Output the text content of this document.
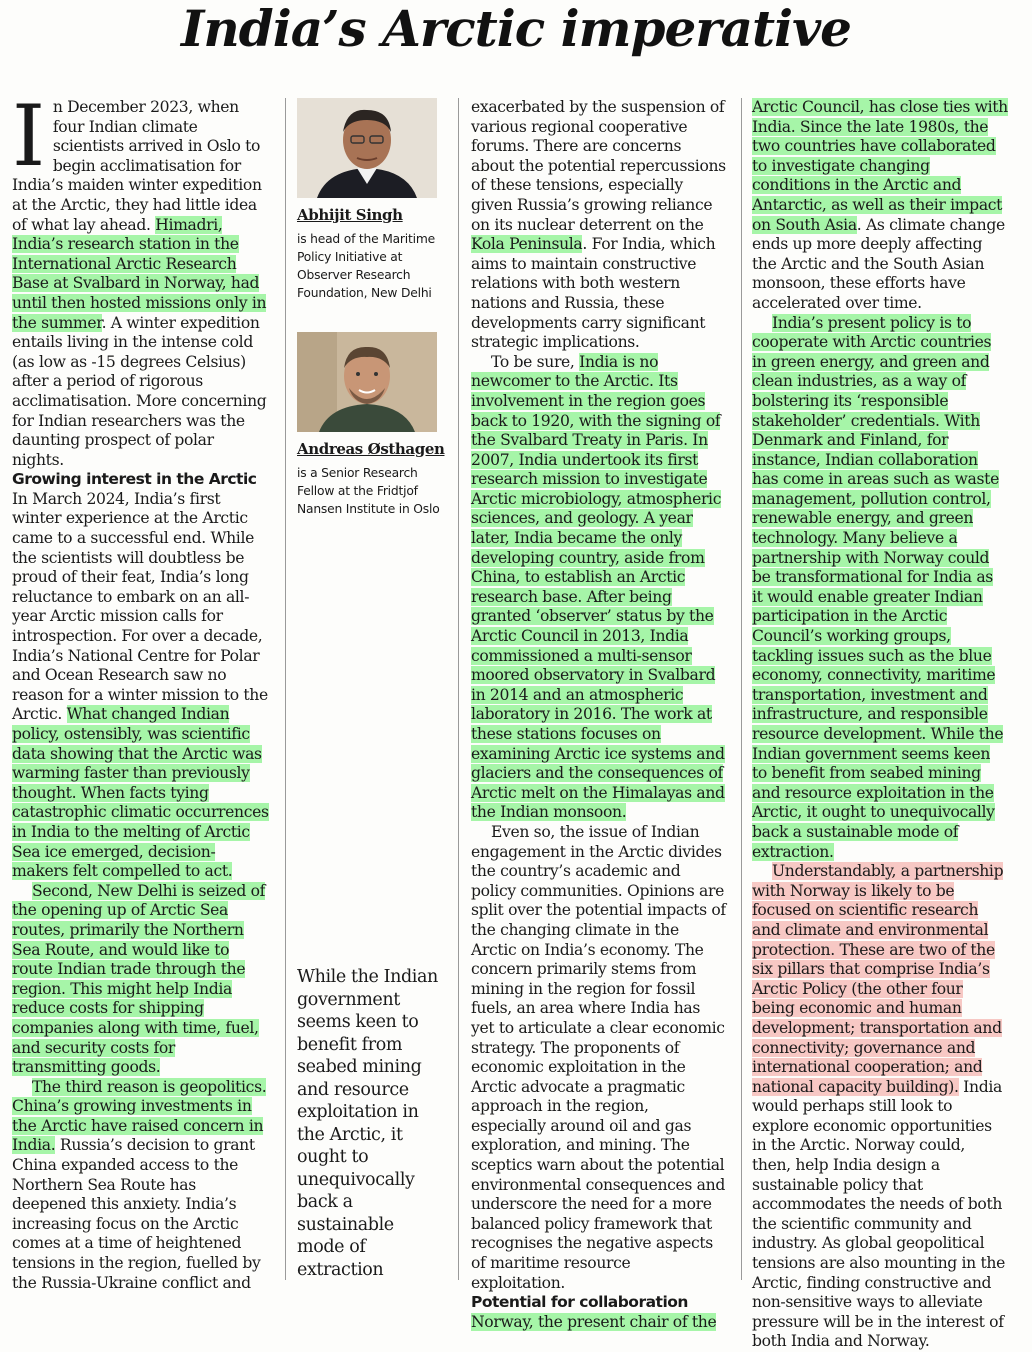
India’s Arctic imperative

In December 2023, when four Indian climate scientists arrived in Oslo to begin acclimatisation for India’s maiden winter expedition at the Arctic, they had little idea of what lay ahead. Himadri, India’s research station in the International Arctic Research Base at Svalbard in Norway, had until then hosted missions only in the summer. A winter expedition entails living in the intense cold (as low as -15 degrees Celsius) after a period of rigorous acclimatisation. More concerning for Indian researchers was the daunting prospect of polar nights.

Growing interest in the Arctic

In March 2024, India’s first winter experience at the Arctic came to a successful end. While the scientists will doubtless be proud of their feat, India’s long reluctance to embark on an all-year Arctic mission calls for introspection. For over a decade, India’s National Centre for Polar and Ocean Research saw no reason for a winter mission to the Arctic. What changed Indian policy, ostensibly, was scientific data showing that the Arctic was warming faster than previously thought. When facts tying catastrophic climatic occurrences in India to the melting of Arctic Sea ice emerged, decision-makers felt compelled to act.

Second, New Delhi is seized of the opening up of Arctic Sea routes, primarily the Northern Sea Route, and would like to route Indian trade through the region. This might help India reduce costs for shipping companies along with time, fuel, and security costs for transmitting goods.

The third reason is geopolitics. China’s growing investments in the Arctic have raised concern in India. Russia’s decision to grant China expanded access to the Northern Sea Route has deepened this anxiety. India’s increasing focus on the Arctic comes at a time of heightened tensions in the region, fuelled by the Russia-Ukraine conflict and

Abhijit Singh

is head of the Maritime Policy Initiative at Observer Research Foundation, New Delhi

Andreas Østhagen

is a Senior Research Fellow at the Fridtjof Nansen Institute in Oslo

While the Indian government seems keen to benefit from seabed mining and resource exploitation in the Arctic, it ought to unequivocally back a sustainable mode of extraction

exacerbated by the suspension of various regional cooperative forums. There are concerns about the potential repercussions of these tensions, especially given Russia’s growing reliance on its nuclear deterrent on the Kola Peninsula. For India, which aims to maintain constructive relations with both western nations and Russia, these developments carry significant strategic implications.

To be sure, India is no newcomer to the Arctic. Its involvement in the region goes back to 1920, with the signing of the Svalbard Treaty in Paris. In 2007, India undertook its first research mission to investigate Arctic microbiology, atmospheric sciences, and geology. A year later, India became the only developing country, aside from China, to establish an Arctic research base. After being granted ‘observer’ status by the Arctic Council in 2013, India commissioned a multi-sensor moored observatory in Svalbard in 2014 and an atmospheric laboratory in 2016. The work at these stations focuses on examining Arctic ice systems and glaciers and the consequences of Arctic melt on the Himalayas and the Indian monsoon.

Even so, the issue of Indian engagement in the Arctic divides the country’s academic and policy communities. Opinions are split over the potential impacts of the changing climate in the Arctic on India’s economy. The concern primarily stems from mining in the region for fossil fuels, an area where India has yet to articulate a clear economic strategy. The proponents of economic exploitation in the Arctic advocate a pragmatic approach in the region, especially around oil and gas exploration, and mining. The sceptics warn about the potential environmental consequences and underscore the need for a more balanced policy framework that recognises the negative aspects of maritime resource exploitation.

Potential for collaboration

Norway, the present chair of the

Arctic Council, has close ties with India. Since the late 1980s, the two countries have collaborated to investigate changing conditions in the Arctic and Antarctic, as well as their impact on South Asia. As climate change ends up more deeply affecting the Arctic and the South Asian monsoon, these efforts have accelerated over time.

India’s present policy is to cooperate with Arctic countries in green energy, and green and clean industries, as a way of bolstering its ‘responsible stakeholder’ credentials. With Denmark and Finland, for instance, Indian collaboration has come in areas such as waste management, pollution control, renewable energy, and green technology. Many believe a partnership with Norway could be transformational for India as it would enable greater Indian participation in the Arctic Council’s working groups, tackling issues such as the blue economy, connectivity, maritime transportation, investment and infrastructure, and responsible resource development. While the Indian government seems keen to benefit from seabed mining and resource exploitation in the Arctic, it ought to unequivocally back a sustainable mode of extraction.

Understandably, a partnership with Norway is likely to be focused on scientific research and climate and environmental protection. These are two of the six pillars that comprise India’s Arctic Policy (the other four being economic and human development; transportation and connectivity; governance and international cooperation; and national capacity building). India would perhaps still look to explore economic opportunities in the Arctic. Norway could, then, help India design a sustainable policy that accommodates the needs of both the scientific community and industry. As global geopolitical tensions are also mounting in the Arctic, finding constructive and non-sensitive ways to alleviate pressure will be in the interest of both India and Norway.
